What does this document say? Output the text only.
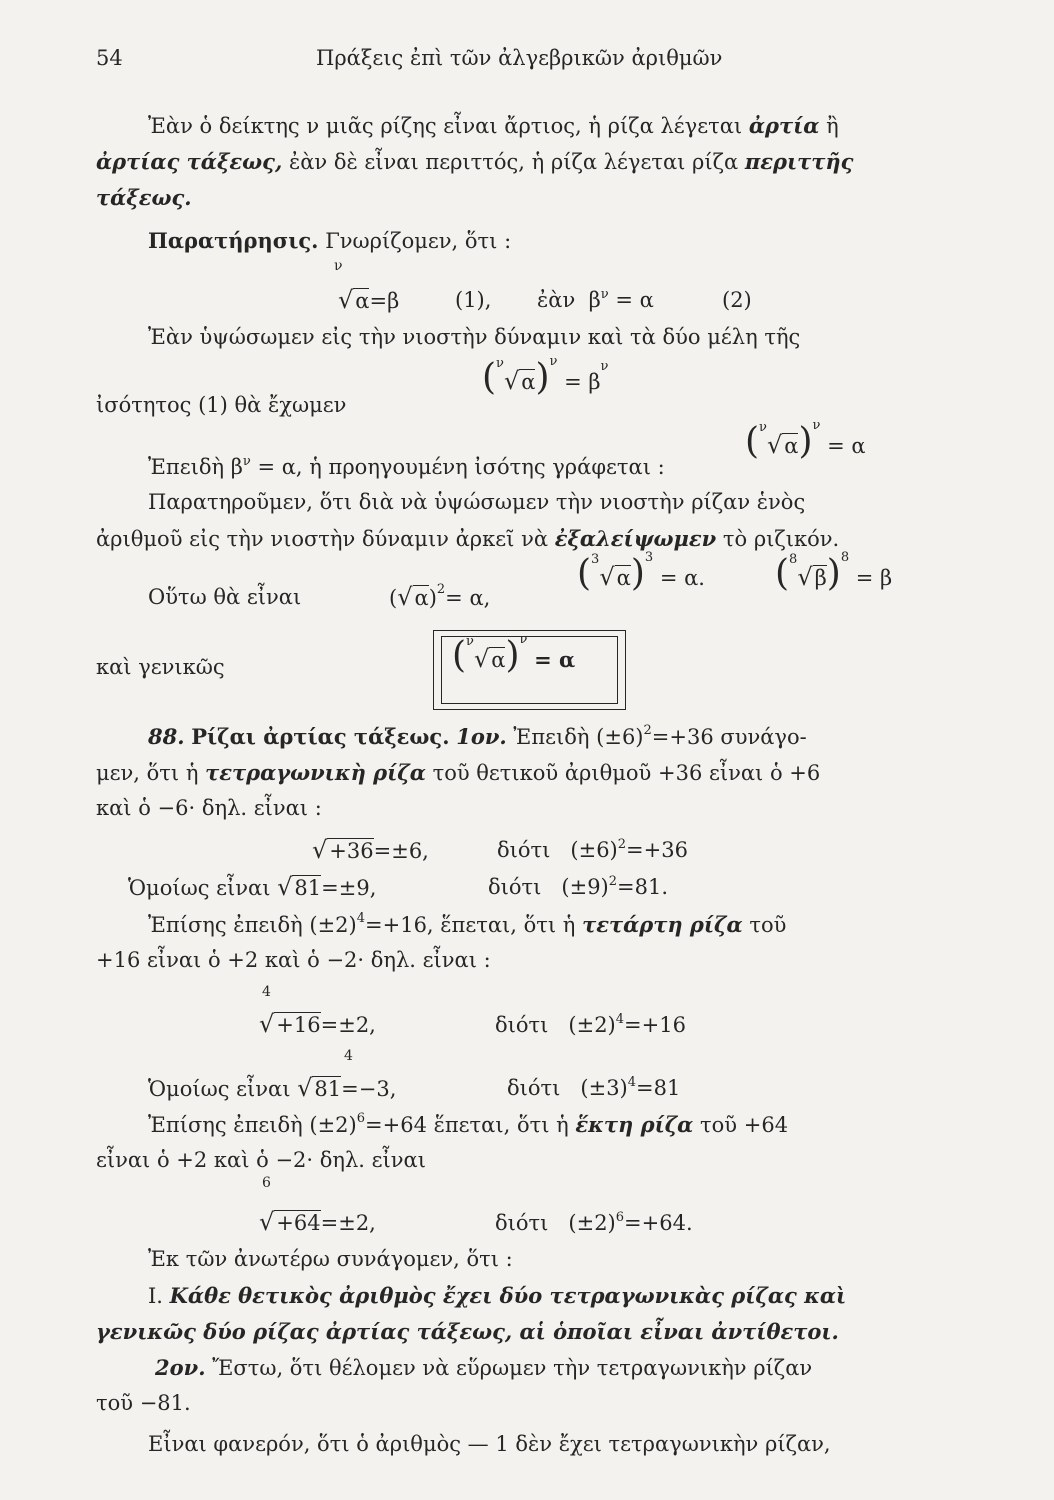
54	Πράξεις ἐπὶ τῶν ἀλγεβρικῶν ἀριθμῶν
Ἐὰν ὁ δείκτης ν μιᾶς ρίζης εἶναι ἄρτιος, ἡ ρίζα λέγεται ἀρτία ἢ
ἀρτίας τάξεως, ἐὰν δὲ εἶναι περιττός, ἡ ρίζα λέγεται ρίζα περιττῆς
τάξεως.
Παρατήρησις. Γνωρίζομεν, ὅτι :
ν
√α=β	(1), ἐὰν $\beta^\nu = \alpha$	(2)
Ἐὰν ὑψώσωμεν εἰς τὴν νιοστὴν δύναμιν καὶ τὰ δύο μέλη τῆς
ἰσότητος (1) θὰ ἔχωμεν
$(^\nu√\alpha)^\nu = \beta^\nu$
Ἐπειδὴ $\beta^\nu = \alpha$, ἡ προηγουμένη ἰσότης γράφεται :
$(^\nu√\alpha)^\nu = \alpha$
Παρατηροῦμεν, ὅτι διὰ νὰ ὑψώσωμεν τὴν νιοστὴν ρίζαν ἑνὸς
ἀριθμοῦ εἰς τὴν νιοστὴν δύναμιν ἀρκεῖ νὰ ἐξαλείψωμεν τὸ ριζικόν.
Οὕτω θὰ εἶναι	$(√\alpha)^2= \alpha$,
$(^3√\alpha)^3 = \alpha$. $(^8√\beta)^8 = \beta$
καὶ γενικῶς	$(^\nu√\alpha)^\nu = \alpha$
88. Ρίζαι ἀρτίας τάξεως. 1ον. Ἐπειδὴ $(\pm 6)^2=+36$ συνάγο-
μεν, ὅτι ἡ τετραγωνικὴ ρίζα τοῦ θετικοῦ ἀριθμοῦ +36 εἶναι ὁ +6
καὶ ὁ −6· δηλ. εἶναι :
√+36=±6,	διότι $(\pm 6)^2=+36$
Ὁμοίως εἶναι √81=±9,	διότι $(\pm 9)^2=81$.
Ἐπίσης ἐπειδὴ $(\pm 2)^4=+16$, ἕπεται, ὅτι ἡ τετάρτη ρίζα τοῦ
+16 εἶναι ὁ +2 καὶ ὁ −2· δηλ. εἶναι :
4
√+16=±2,	διότι $(\pm 2)^4=+16$
4
Ὁμοίως εἶναι √81=−3,	διότι $(\pm 3)^4=81$
Ἐπίσης ἐπειδὴ $(\pm 2)^6=+64$ ἕπεται, ὅτι ἡ ἕκτη ρίζα τοῦ +64
εἶναι ὁ +2 καὶ ὁ −2· δηλ. εἶναι
6
√+64=±2,	διότι $(\pm 2)^6=+64$.
Ἐκ τῶν ἀνωτέρω συνάγομεν, ὅτι :
I. Κάθε θετικὸς ἀριθμὸς ἔχει δύο τετραγωνικὰς ρίζας καὶ
γενικῶς δύο ρίζας ἀρτίας τάξεως, αἱ ὁποῖαι εἶναι ἀντίθετοι.
2ον. Ἔστω, ὅτι θέλομεν νὰ εὕρωμεν τὴν τετραγωνικὴν ρίζαν
τοῦ −81.
Εἶναι φανερόν, ὅτι ὁ ἀριθμὸς — 1 δὲν ἔχει τετραγωνικὴν ρίζαν,
